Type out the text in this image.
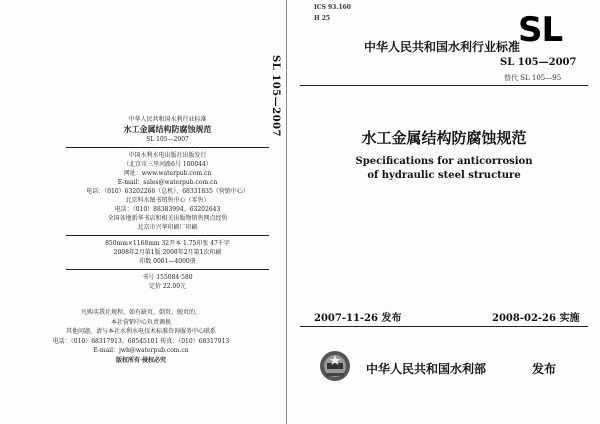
中华人民共和国水利行业标准
水工金属结构防腐蚀规范
SL 105—2007
中国水利水电出版社出版发行
（北京市三里河路6号 100044）
网址：www.waterpub.com.cn
E-mail：sales@waterpub.com.cn
电话：（010）63202266（总机）、68331835（营销中心）
北京科水图书销售中心（零售）
电话：（010）88383994、63202643
全国各地新华书店和相关出版物销售网点经售
北京市兴华印刷厂印刷
850mm×1168mm 32开本 1.75印张 47千字
2008年2月第1版 2008年2月第1次印刷
印数 0001—4000册
书号 155084·580
定价 22.00元
凡购买我社规程，如有缺页、倒页、脱页的，
本社营销中心负责调换
其他问题，请与本社水利水电技术标准咨询服务中心联系
电话：（010）68317913、68545101 传真：（010）68317913
E-mail：jwh@waterpub.com.cn
版权所有·侵权必究
SL 105—2007
ICS 93.160
H 25	SL
中华人民共和国水利行业标准
SL 105—2007
替代 SL 105—95
水工金属结构防腐蚀规范
Specifications for anticorrosion
of hydraulic steel structure
2007-11-26 发布	2008-02-26 实施
中华人民共和国水利部	发布
